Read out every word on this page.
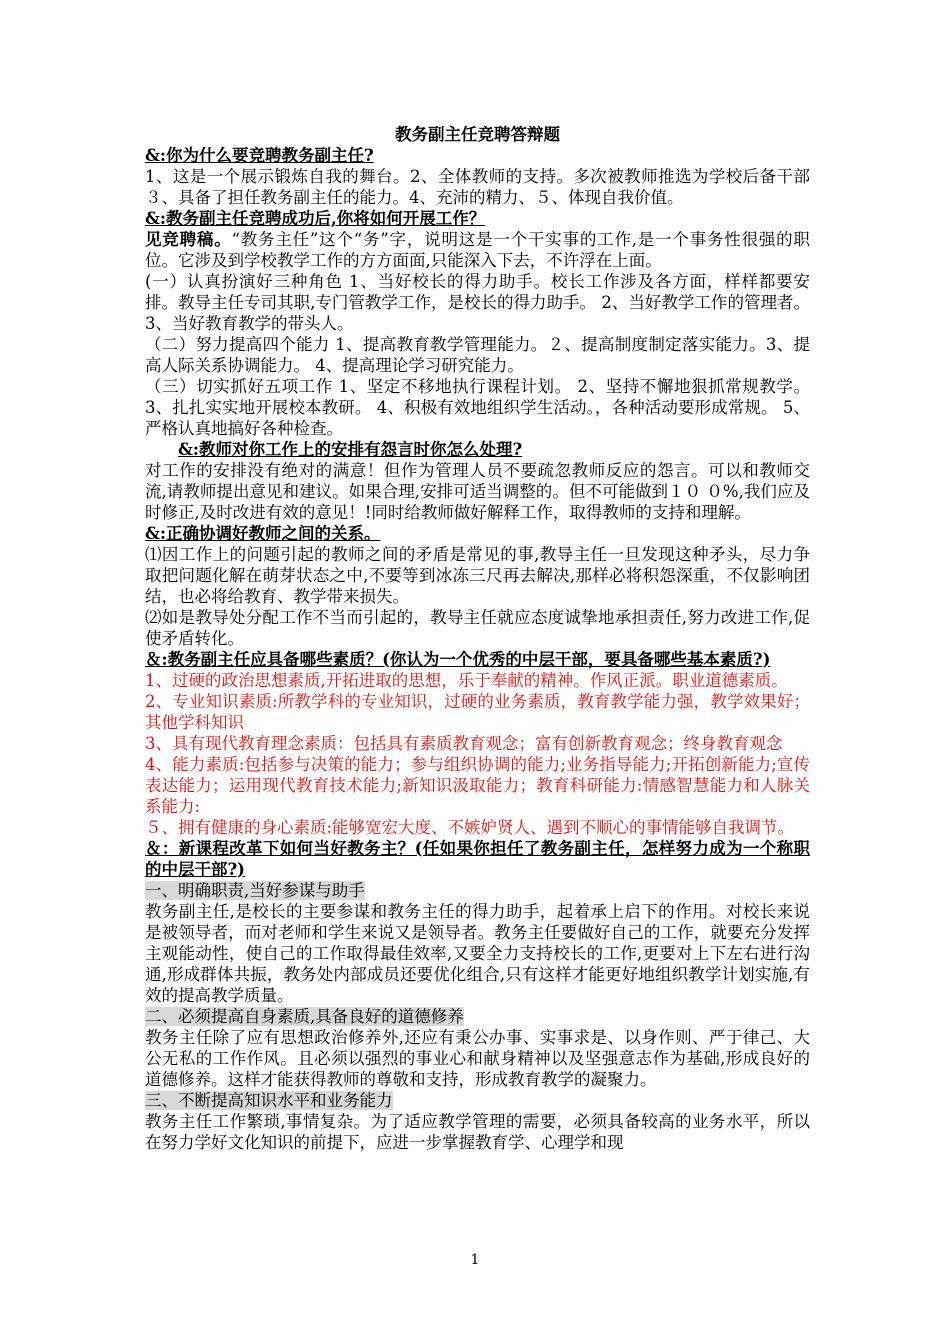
教务副主任竞聘答辩题

&:你为什么要竞聘教务副主任?

1、这是一个展示锻炼自我的舞台。2、全体教师的支持。多次被教师推选为学校后备干部３、具备了担任教务副主任的能力。4、充沛的精力、５、体现自我价值。

&:教务副主任竞聘成功后,你将如何开展工作？

见竞聘稿。“教务主任”这个“务”字，说明这是一个干实事的工作,是一个事务性很强的职位。它涉及到学校教学工作的方方面面,只能深入下去，不许浮在上面。

(一）认真扮演好三种角色 1、当好校长的得力助手。校长工作涉及各方面，样样都要安排。教导主任专司其职,专门管教学工作，是校长的得力助手。 2、当好教学工作的管理者。 3、当好教育教学的带头人。

（二）努力提高四个能力 1、提高教育教学管理能力。２、提高制度制定落实能力。3、提高人际关系协调能力。 4、提高理论学习研究能力。

（三）切实抓好五项工作 1、坚定不移地执行课程计划。 2、坚持不懈地狠抓常规教学。 3、扎扎实实地开展校本教研。 4、积极有效地组织学生活动。，各种活动要形成常规。 5、严格认真地搞好各种检查。

&:教师对你工作上的安排有怨言时你怎么处理?

对工作的安排没有绝对的满意！但作为管理人员不要疏忽教师反应的怨言。可以和教师交流,请教师提出意见和建议。如果合理,安排可适当调整的。但不可能做到１０ ０%,我们应及时修正,及时改进有效的意见！!同时给教师做好解释工作，取得教师的支持和理解。

&:正确协调好教师之间的关系。

⑴因工作上的问题引起的教师之间的矛盾是常见的事,教导主任一旦发现这种矛头，尽力争取把问题化解在萌芽状态之中,不要等到冰冻三尺再去解决,那样必将积怨深重，不仅影响团结，也必将给教育、教学带来损失。

⑵如是教导处分配工作不当而引起的，教导主任就应态度诚挚地承担责任,努力改进工作,促使矛盾转化。

＆:教务副主任应具备哪些素质？(你认为一个优秀的中层干部，要具备哪些基本素质?)

1、过硬的政治思想素质,开拓进取的思想，乐于奉献的精神。作风正派。职业道德素质。

2、专业知识素质:所教学科的专业知识，过硬的业务素质，教育教学能力强，教学效果好；其他学科知识

3、具有现代教育理念素质：包括具有素质教育观念；富有创新教育观念；终身教育观念

4、能力素质:包括参与决策的能力；参与组织协调的能力;业务指导能力;开拓创新能力;宣传表达能力；运用现代教育技术能力;新知识汲取能力；教育科研能力:情感智慧能力和人脉关系能力:

５、拥有健康的身心素质:能够宽宏大度、不嫉妒贤人、遇到不顺心的事情能够自我调节。

＆：新课程改革下如何当好教务主？(任如果你担任了教务副主任，怎样努力成为一个称职的中层干部?)

一、明确职责,当好参谋与助手

教务副主任,是校长的主要参谋和教务主任的得力助手，起着承上启下的作用。对校长来说是被领导者，而对老师和学生来说又是领导者。教务主任要做好自己的工作，就要充分发挥主观能动性，使自己的工作取得最佳效率,又要全力支持校长的工作,更要对上下左右进行沟通,形成群体共振，教务处内部成员还要优化组合,只有这样才能更好地组织教学计划实施,有效的提高教学质量。

二、必须提高自身素质,具备良好的道德修养

教务主任除了应有思想政治修养外,还应有秉公办事、实事求是、以身作则、严于律己、大公无私的工作作风。且必须以强烈的事业心和献身精神以及坚强意志作为基础,形成良好的道德修养。这样才能获得教师的尊敬和支持，形成教育教学的凝聚力。

三、不断提高知识水平和业务能力

教务主任工作繁琐,事情复杂。为了适应教学管理的需要，必须具备较高的业务水平，所以在努力学好文化知识的前提下，应进一步掌握教育学、心理学和现

1
